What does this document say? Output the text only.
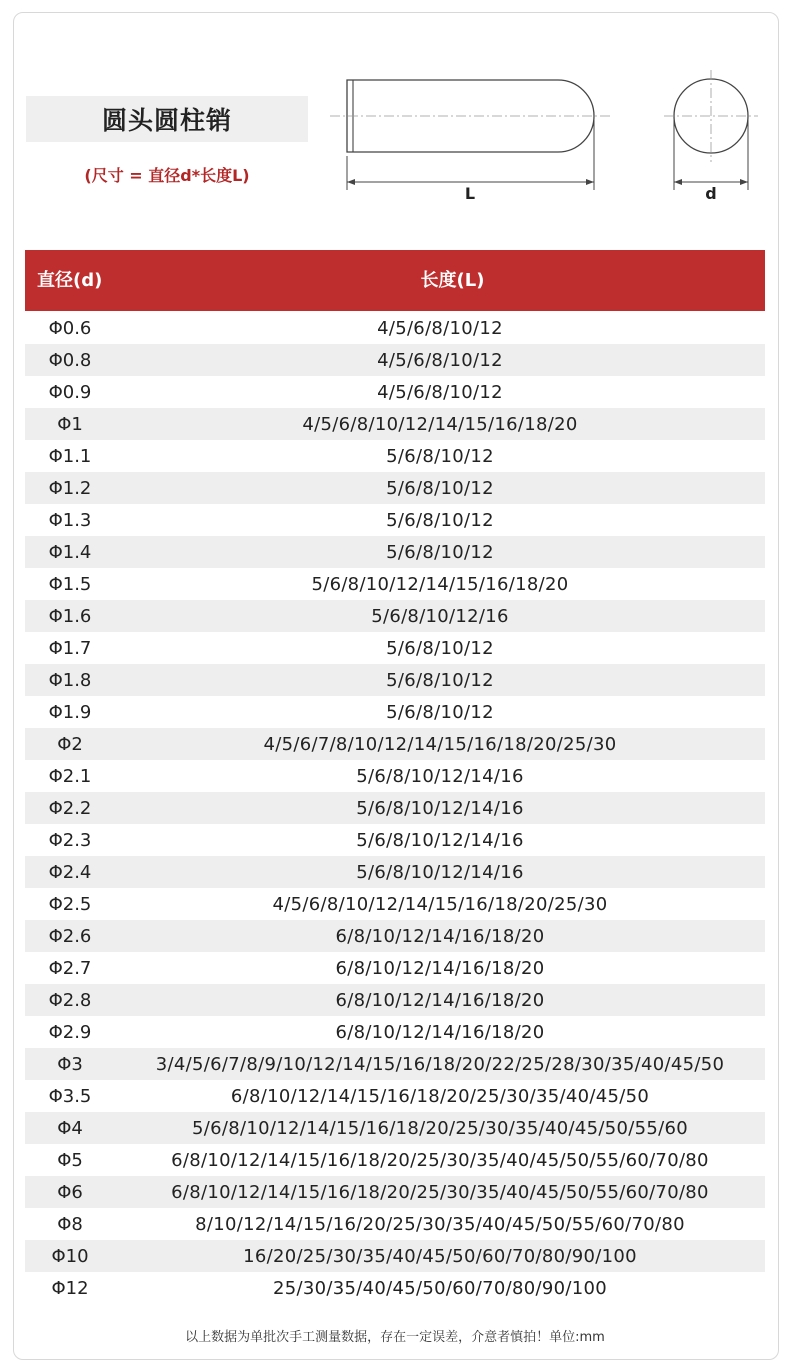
圆头圆柱销
(尺寸 = 直径d*长度L)
L	d
直径(d)	长度(L)
Φ0.6	4/5/6/8/10/12
Φ0.8	4/5/6/8/10/12
Φ0.9	4/5/6/8/10/12
Φ1	4/5/6/8/10/12/14/15/16/18/20
Φ1.1	5/6/8/10/12
Φ1.2	5/6/8/10/12
Φ1.3	5/6/8/10/12
Φ1.4	5/6/8/10/12
Φ1.5	5/6/8/10/12/14/15/16/18/20
Φ1.6	5/6/8/10/12/16
Φ1.7	5/6/8/10/12
Φ1.8	5/6/8/10/12
Φ1.9	5/6/8/10/12
Φ2	4/5/6/7/8/10/12/14/15/16/18/20/25/30
Φ2.1	5/6/8/10/12/14/16
Φ2.2	5/6/8/10/12/14/16
Φ2.3	5/6/8/10/12/14/16
Φ2.4	5/6/8/10/12/14/16
Φ2.5	4/5/6/8/10/12/14/15/16/18/20/25/30
Φ2.6	6/8/10/12/14/16/18/20
Φ2.7	6/8/10/12/14/16/18/20
Φ2.8	6/8/10/12/14/16/18/20
Φ2.9	6/8/10/12/14/16/18/20
Φ3	3/4/5/6/7/8/9/10/12/14/15/16/18/20/22/25/28/30/35/40/45/50
Φ3.5	6/8/10/12/14/15/16/18/20/25/30/35/40/45/50
Φ4	5/6/8/10/12/14/15/16/18/20/25/30/35/40/45/50/55/60
Φ5	6/8/10/12/14/15/16/18/20/25/30/35/40/45/50/55/60/70/80
Φ6	6/8/10/12/14/15/16/18/20/25/30/35/40/45/50/55/60/70/80
Φ8	8/10/12/14/15/16/20/25/30/35/40/45/50/55/60/70/80
Φ10	16/20/25/30/35/40/45/50/60/70/80/90/100
Φ12	25/30/35/40/45/50/60/70/80/90/100
以上数据为单批次手工测量数据，存在一定误差，介意者慎拍！单位:mm
